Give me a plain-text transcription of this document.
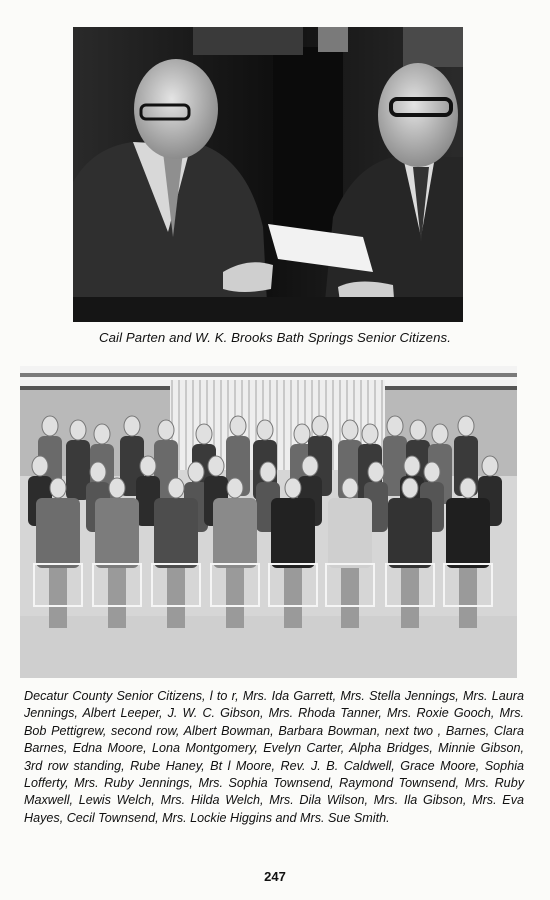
Cail Parten and W. K. Brooks Bath Springs Senior Citizens.
Decatur County Senior Citizens, l to r, Mrs. Ida Garrett, Mrs. Stella Jennings, Mrs. Laura Jennings, Albert Leeper, J. W. C. Gibson, Mrs. Rhoda Tanner, Mrs. Roxie Gooch, Mrs. Bob Pettigrew, second row, Albert Bowman, Barbara Bowman, next two , Barnes, Clara Barnes, Edna Moore, Lona Montgomery, Evelyn Carter, Alpha Bridges, Minnie Gibson, 3rd row standing, Rube Haney, Bt l Moore, Rev. J. B. Caldwell, Grace Moore, Sophia Lofferty, Mrs. Ruby Jennings, Mrs. Sophia Townsend, Raymond Townsend, Mrs. Ruby Maxwell, Lewis Welch, Mrs. Hilda Welch, Mrs. Dila Wilson, Mrs. Ila Gibson, Mrs. Eva Hayes, Cecil Townsend, Mrs. Lockie Higgins and Mrs. Sue Smith.
247
